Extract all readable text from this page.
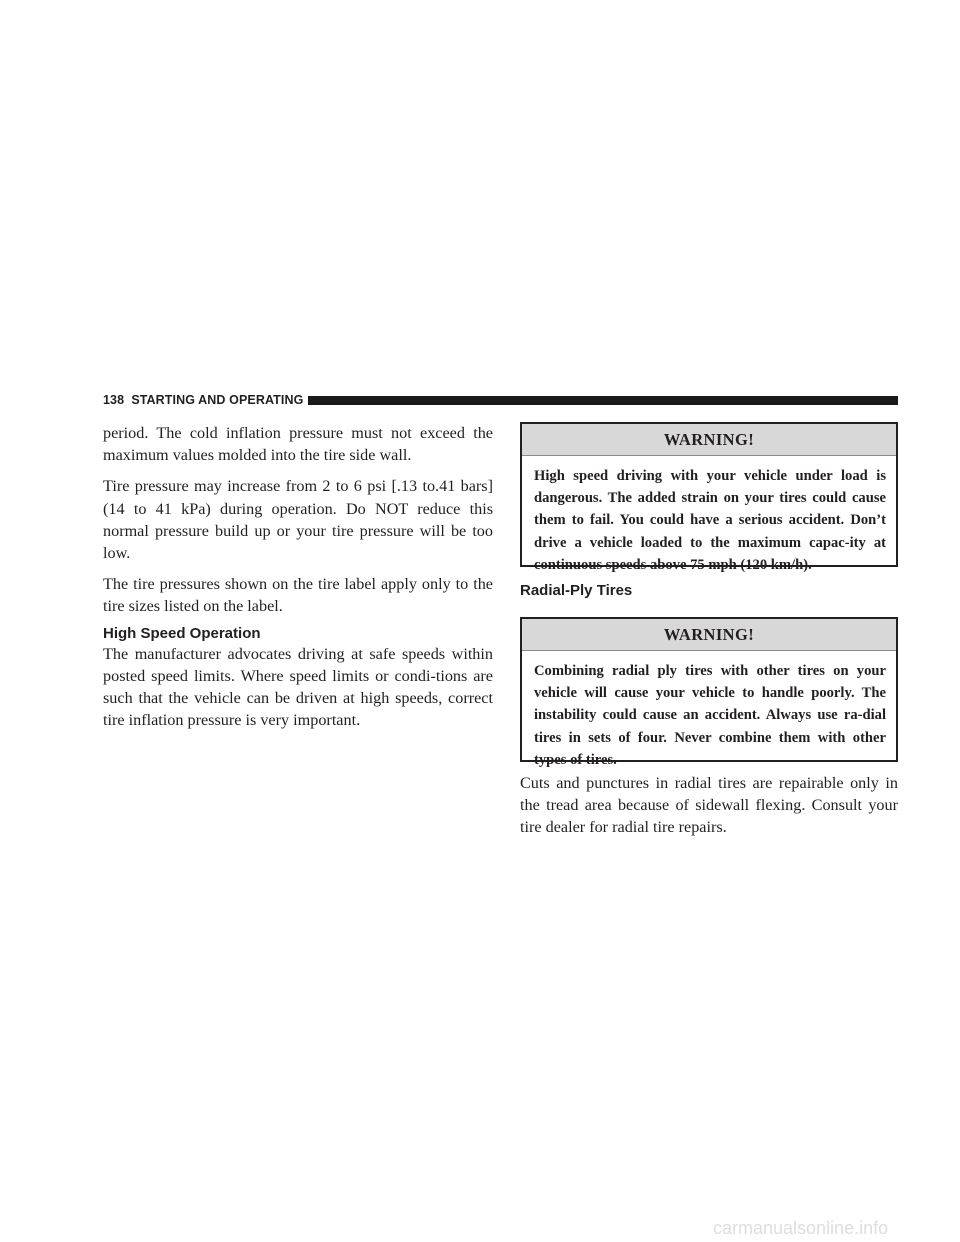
138
STARTING AND OPERATING

period. The cold inflation pressure must not exceed the maximum values molded into the tire side wall.

Tire pressure may increase from 2 to 6 psi [.13 to.41 bars](14 to 41 kPa) during operation. Do NOT reduce this normal pressure build up or your tire pressure will be too low.

The tire pressures shown on the tire label apply only to the tire sizes listed on the label.

High Speed Operation

The manufacturer advocates driving at safe speeds within posted speed limits. Where speed limits or condi-tions are such that the vehicle can be driven at high speeds, correct tire inflation pressure is very important.

WARNING!
High speed driving with your vehicle under load is dangerous. The added strain on your tires could cause them to fail. You could have a serious accident. Don’t drive a vehicle loaded to the maximum capac-ity at continuous speeds above 75 mph (120 km/h).
Radial-Ply Tires
WARNING!
Combining radial ply tires with other tires on your vehicle will cause your vehicle to handle poorly. The instability could cause an accident. Always use ra-dial tires in sets of four. Never combine them with other types of tires.

Cuts and punctures in radial tires are repairable only in the tread area because of sidewall flexing. Consult your tire dealer for radial tire repairs.

carmanualsonline.info
